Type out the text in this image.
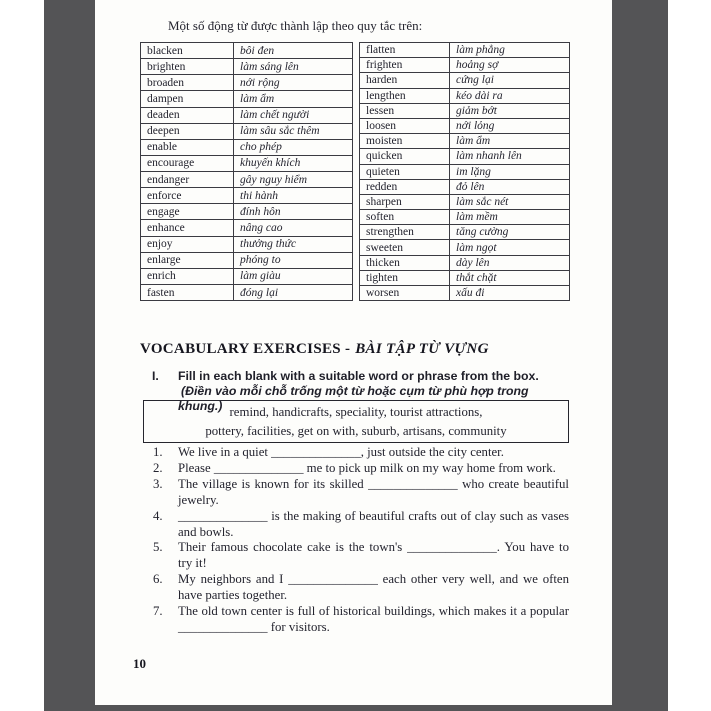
Một số động từ được thành lập theo quy tắc trên:
blacken	bôi đen
brighten	làm sáng lên
broaden	nới rộng
dampen	làm ẩm
deaden	làm chết người
deepen	làm sâu sắc thêm
enable	cho phép
encourage	khuyến khích
endanger	gây nguy hiểm
enforce	thi hành
engage	đính hôn
enhance	nâng cao
enjoy	thưởng thức
enlarge	phóng to
enrich	làm giàu
fasten	đóng lại
flatten	làm phẳng
frighten	hoảng sợ
harden	cứng lại
lengthen	kéo dài ra
lessen	giảm bớt
loosen	nới lỏng
moisten	làm ẩm
quicken	làm nhanh lên
quieten	im lặng
redden	đỏ lên
sharpen	làm sắc nét
soften	làm mềm
strengthen	tăng cường
sweeten	làm ngọt
thicken	dày lên
tighten	thắt chặt
worsen	xấu đi
VOCABULARY EXERCISES - BÀI TẬP TỪ VỰNG
I.	Fill in each blank with a suitable word or phrase from the box.(Điền vào mỗi chỗ trống một từ hoặc cụm từ phù hợp trong khung.) remind, handicrafts, speciality, tourist attractions,
pottery, facilities, get on with, suburb, artisans, community
1.	We live in a quiet ______________, just outside the city center.
2.	Please ______________ me to pick up milk on my way home from work.
3.	The village is known for its skilled ______________ who create beautiful jewelry.
4.	______________ is the making of beautiful crafts out of clay such as vases and bowls.
5.	Their famous chocolate cake is the town's ______________. You have to try it!
6.	My neighbors and I ______________ each other very well, and we often have parties together.
7.	The old town center is full of historical buildings, which makes it a popular ______________ for visitors.
10
